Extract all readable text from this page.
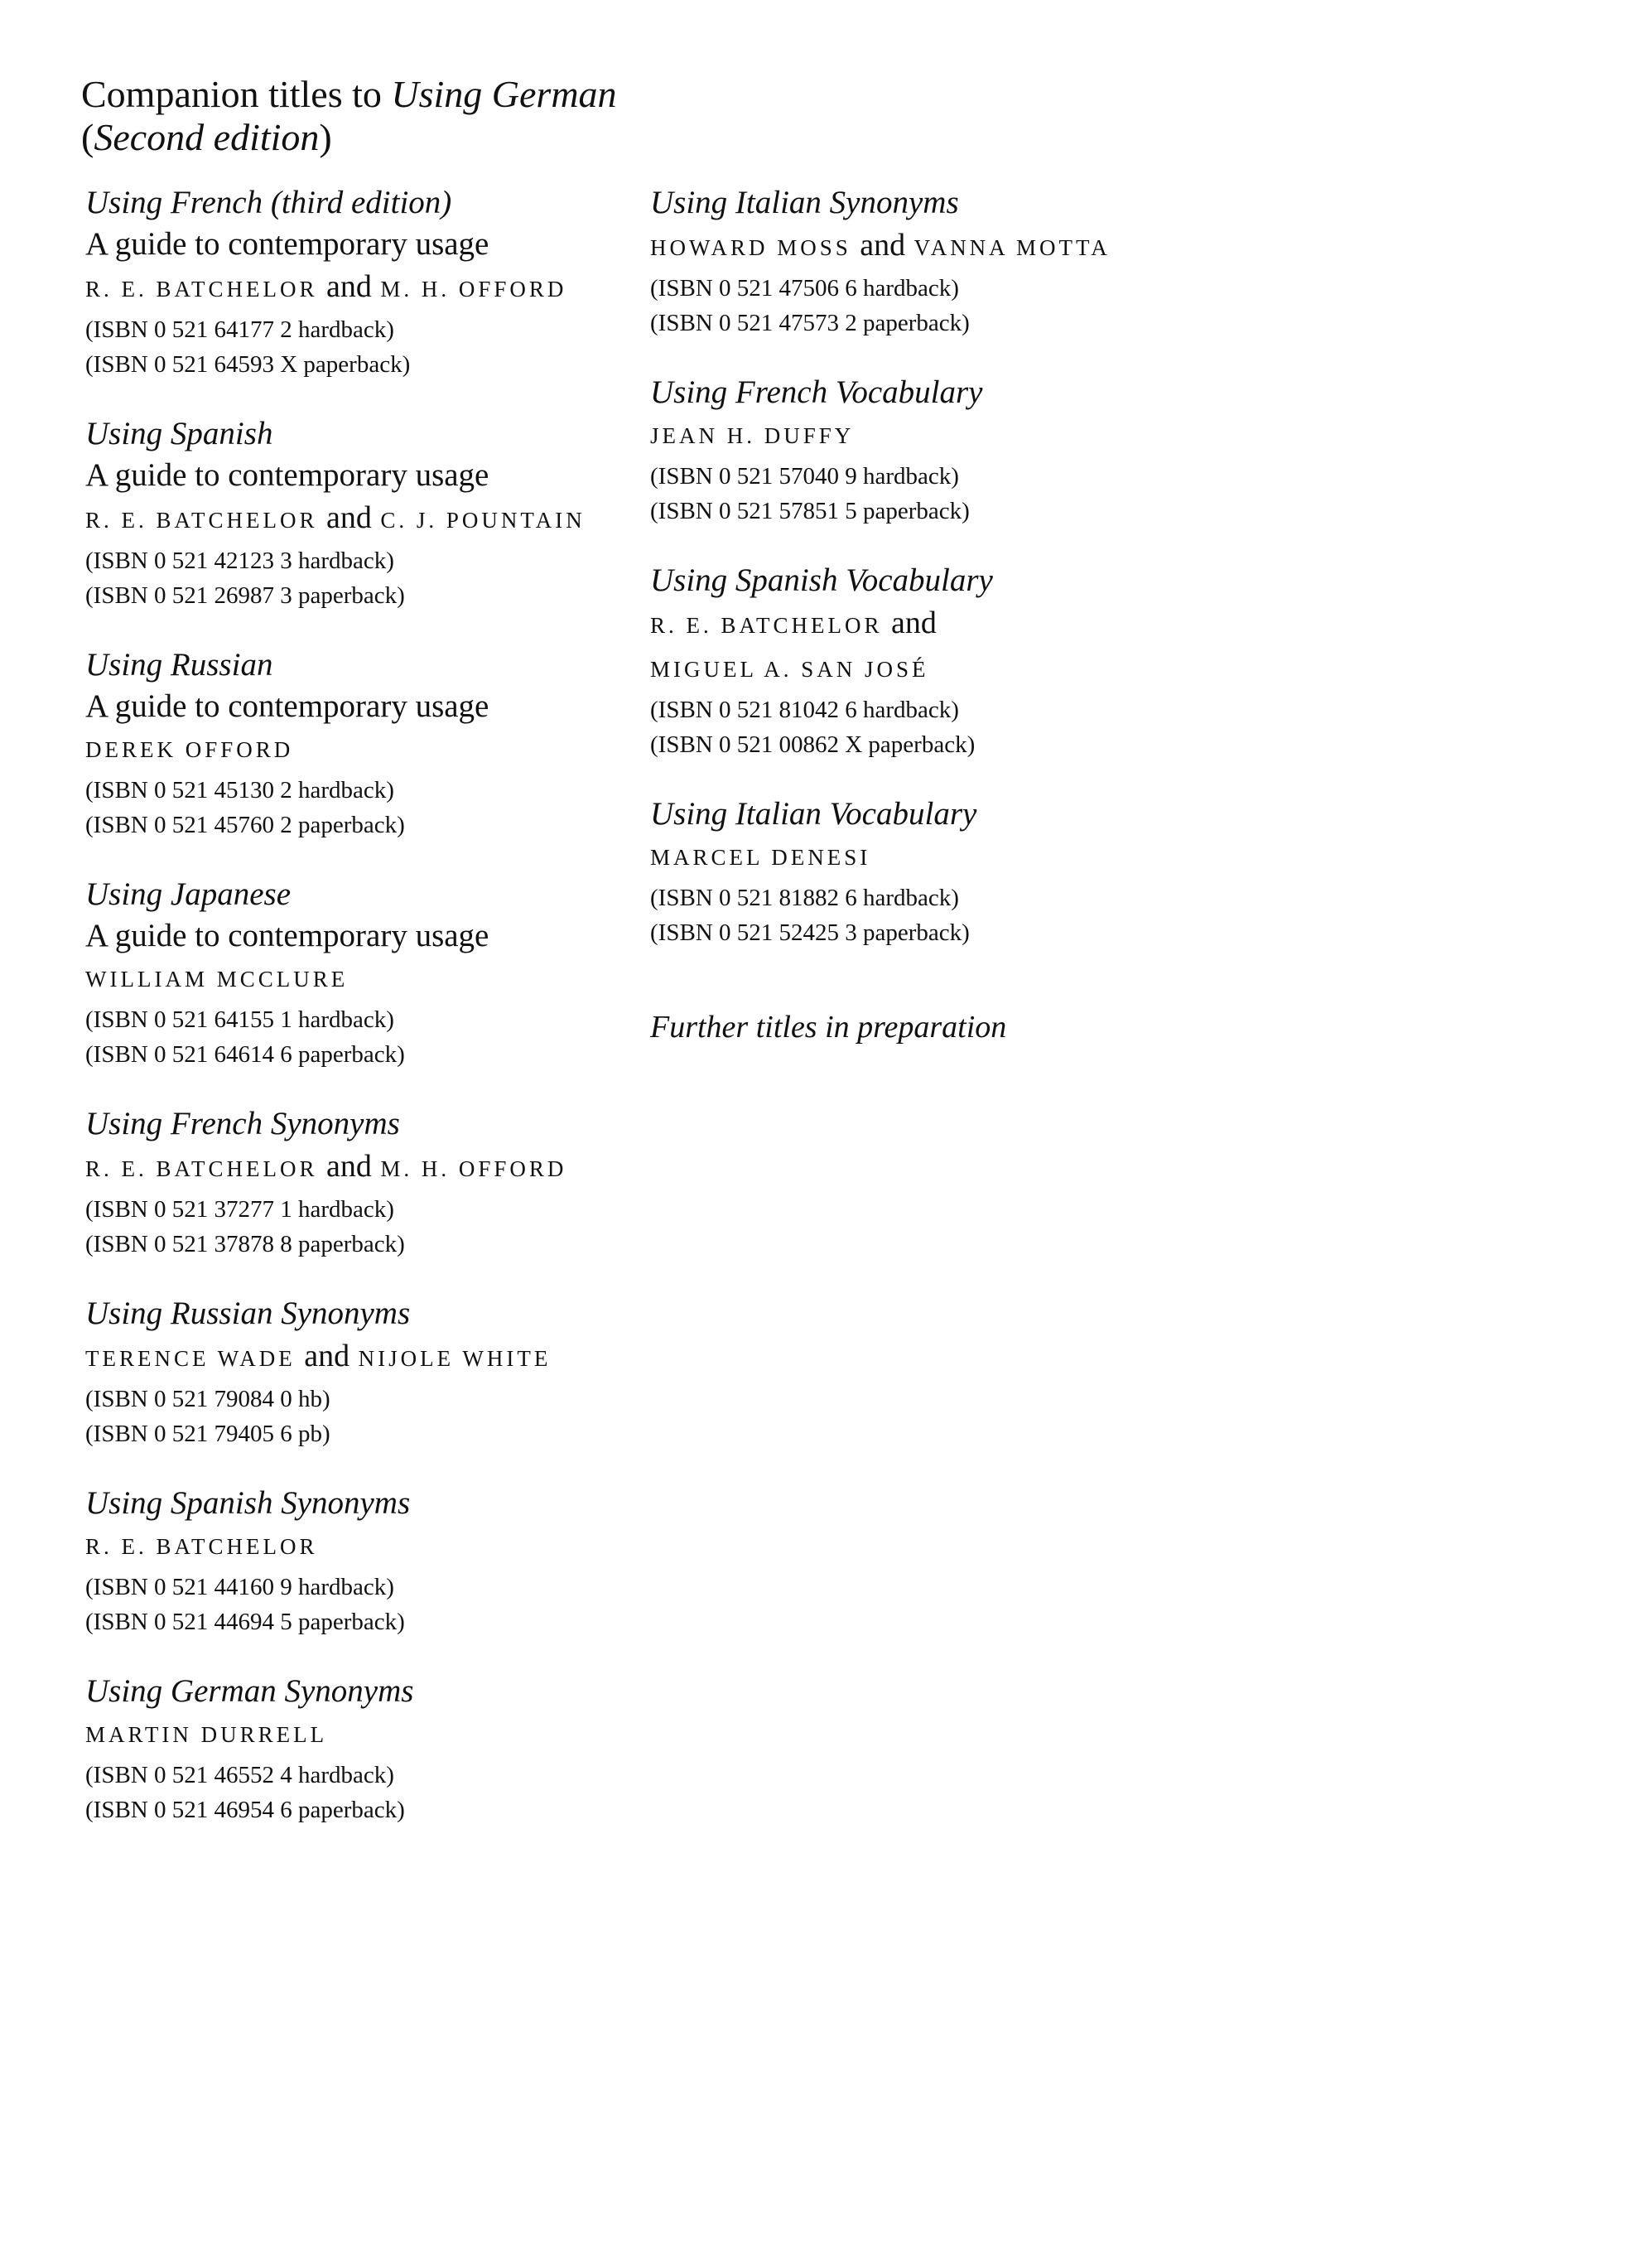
Companion titles to Using German
(Second edition)
Using French (third edition)
A guide to contemporary usage
R. E. BATCHELOR and M. H. OFFORD
(ISBN 0 521 64177 2 hardback)
(ISBN 0 521 64593 X paperback)
Using Spanish
A guide to contemporary usage
R. E. BATCHELOR and C. J. POUNTAIN
(ISBN 0 521 42123 3 hardback)
(ISBN 0 521 26987 3 paperback)
Using Russian
A guide to contemporary usage
DEREK OFFORD
(ISBN 0 521 45130 2 hardback)
(ISBN 0 521 45760 2 paperback)
Using Japanese
A guide to contemporary usage
WILLIAM MCCLURE
(ISBN 0 521 64155 1 hardback)
(ISBN 0 521 64614 6 paperback)
Using French Synonyms
R. E. BATCHELOR and M. H. OFFORD
(ISBN 0 521 37277 1 hardback)
(ISBN 0 521 37878 8 paperback)
Using Russian Synonyms
TERENCE WADE and NIJOLE WHITE
(ISBN 0 521 79084 0 hb)
(ISBN 0 521 79405 6 pb)
Using Spanish Synonyms
R. E. BATCHELOR
(ISBN 0 521 44160 9 hardback)
(ISBN 0 521 44694 5 paperback)
Using German Synonyms
MARTIN DURRELL
(ISBN 0 521 46552 4 hardback)
(ISBN 0 521 46954 6 paperback)
Using Italian Synonyms
HOWARD MOSS and VANNA MOTTA
(ISBN 0 521 47506 6 hardback)
(ISBN 0 521 47573 2 paperback)
Using French Vocabulary
JEAN H. DUFFY
(ISBN 0 521 57040 9 hardback)
(ISBN 0 521 57851 5 paperback)
Using Spanish Vocabulary
R. E. BATCHELOR and
MIGUEL A. SAN JOSÉ
(ISBN 0 521 81042 6 hardback)
(ISBN 0 521 00862 X paperback)
Using Italian Vocabulary
MARCEL DENESI
(ISBN 0 521 81882 6 hardback)
(ISBN 0 521 52425 3 paperback)
Further titles in preparation
